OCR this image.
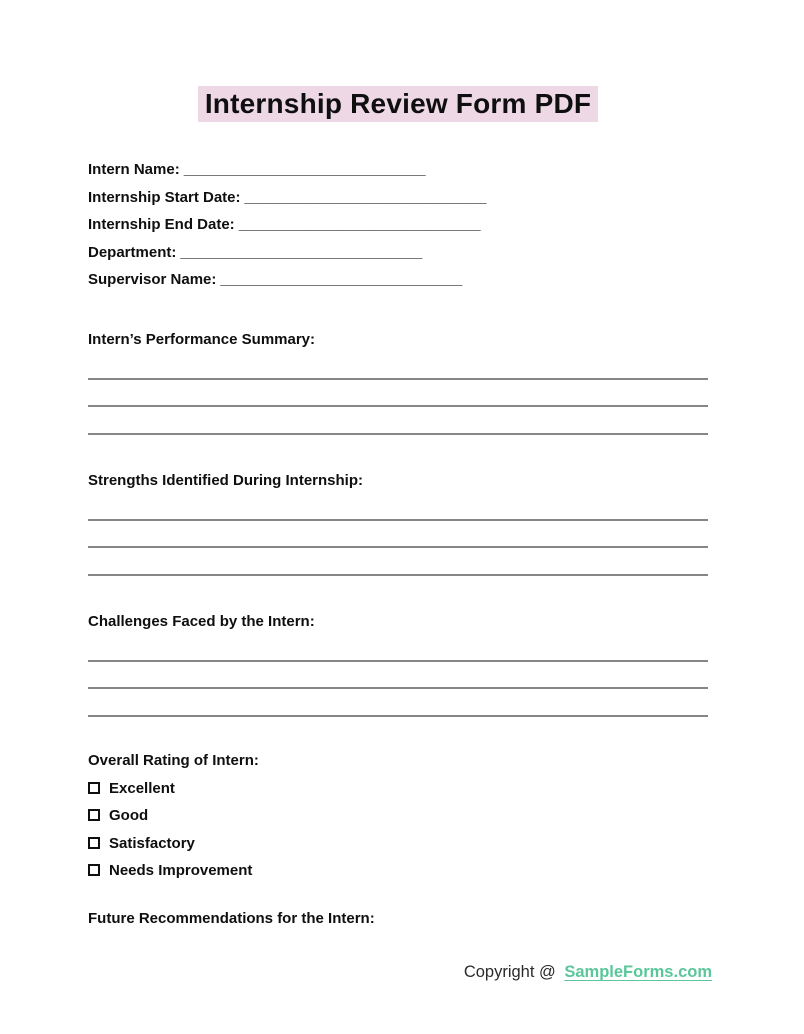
Internship Review Form PDF
Intern Name: _____________________________
Internship Start Date: _____________________________
Internship End Date: _____________________________
Department: _____________________________
Supervisor Name: _____________________________
Intern’s Performance Summary:
Strengths Identified During Internship:
Challenges Faced by the Intern:
Overall Rating of Intern:
Excellent
Good
Satisfactory
Needs Improvement
Future Recommendations for the Intern:
Copyright @ SampleForms.com
